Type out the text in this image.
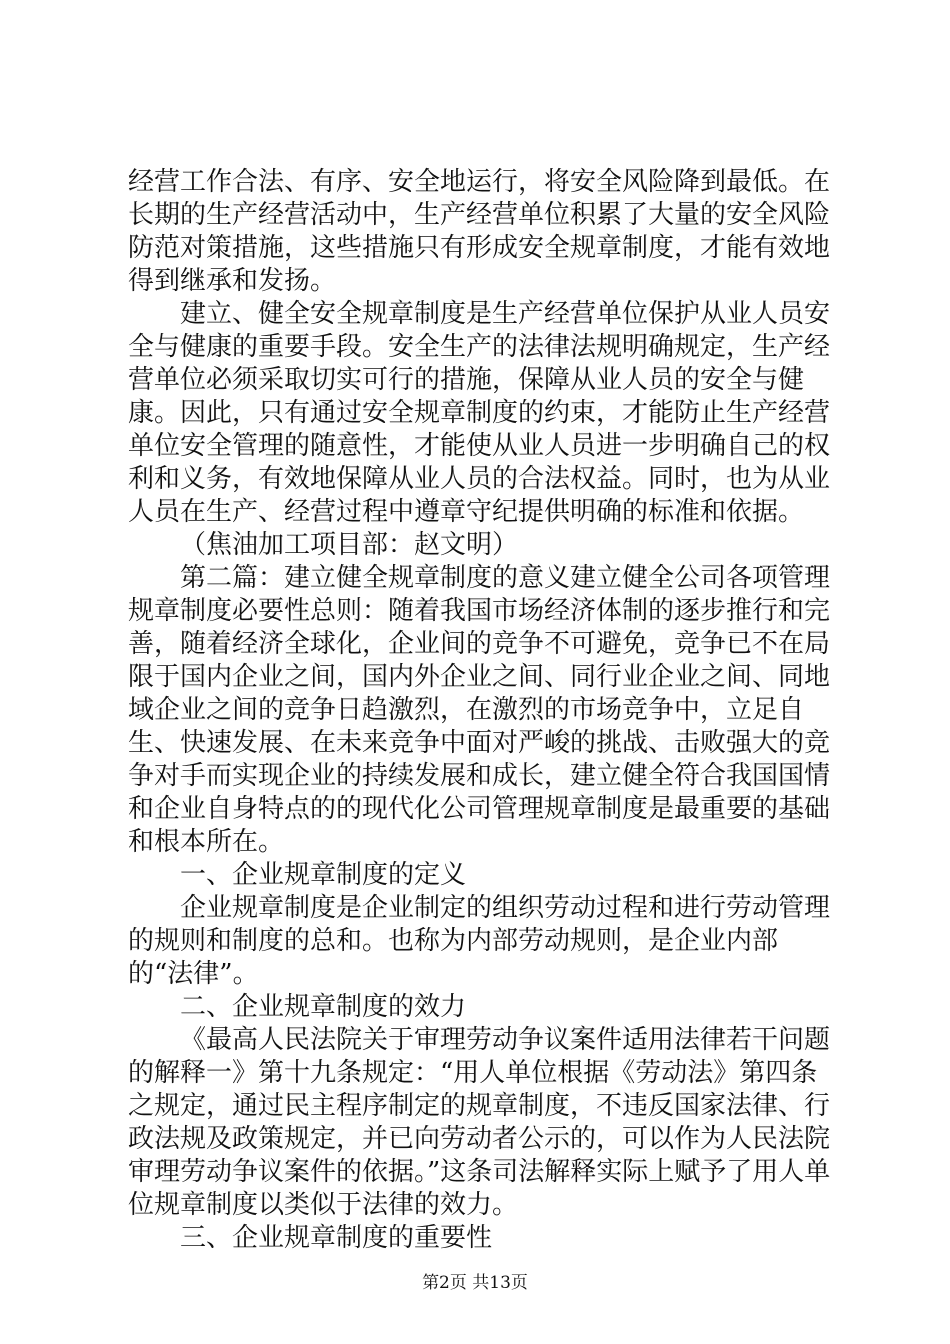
经营工作合法、有序、安全地运行，将安全风险降到最低。在长期的生产经营活动中，生产经营单位积累了大量的安全风险防范对策措施，这些措施只有形成安全规章制度，才能有效地得到继承和发扬。

建立、健全安全规章制度是生产经营单位保护从业人员安全与健康的重要手段。安全生产的法律法规明确规定，生产经营单位必须采取切实可行的措施，保障从业人员的安全与健康。因此，只有通过安全规章制度的约束，才能防止生产经营单位安全管理的随意性，才能使从业人员进一步明确自己的权利和义务，有效地保障从业人员的合法权益。同时，也为从业人员在生产、经营过程中遵章守纪提供明确的标准和依据。

（焦油加工项目部：赵文明）

第二篇：建立健全规章制度的意义建立健全公司各项管理规章制度必要性总则：随着我国市场经济体制的逐步推行和完善，随着经济全球化，企业间的竞争不可避免，竞争已不在局限于国内企业之间，国内外企业之间、同行业企业之间、同地域企业之间的竞争日趋激烈，在激烈的市场竞争中，立足自生、快速发展、在未来竞争中面对严峻的挑战、击败强大的竞争对手而实现企业的持续发展和成长，建立健全符合我国国情和企业自身特点的的现代化公司管理规章制度是最重要的基础和根本所在。

一、企业规章制度的定义

企业规章制度是企业制定的组织劳动过程和进行劳动管理的规则和制度的总和。也称为内部劳动规则，是企业内部的“法律”。

二、企业规章制度的效力

《最高人民法院关于审理劳动争议案件适用法律若干问题的解释一》第十九条规定：“用人单位根据《劳动法》第四条之规定，通过民主程序制定的规章制度，不违反国家法律、行政法规及政策规定，并已向劳动者公示的，可以作为人民法院审理劳动争议案件的依据。”这条司法解释实际上赋予了用人单位规章制度以类似于法律的效力。

三、企业规章制度的重要性

第2页 共13页
